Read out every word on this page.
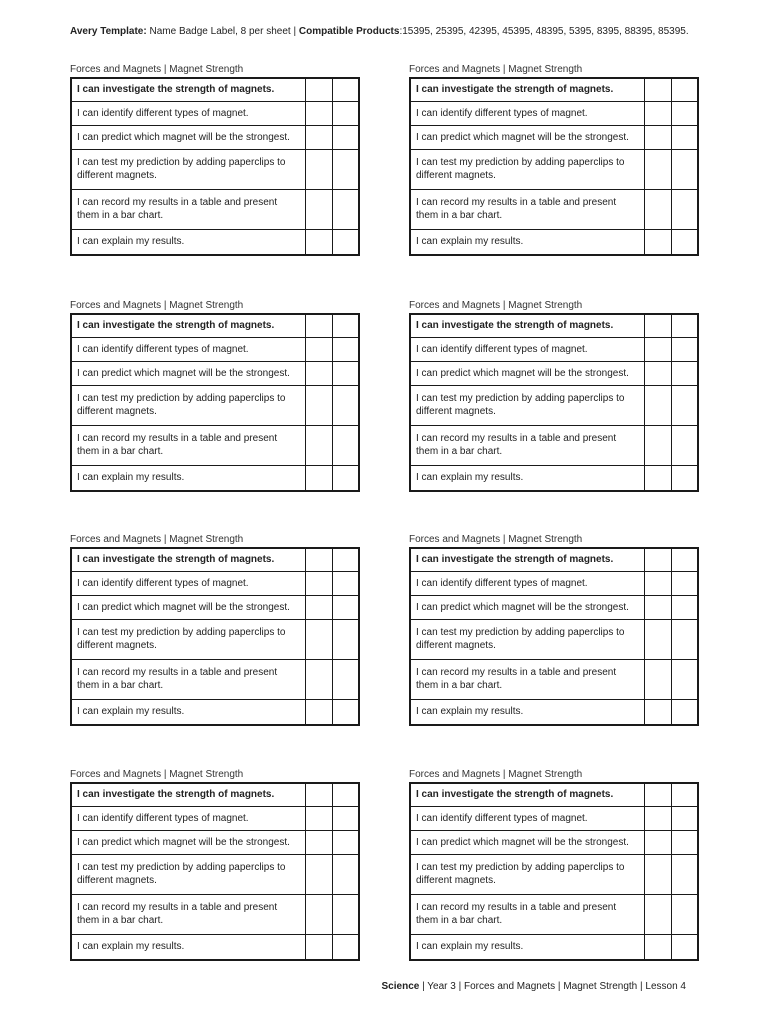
Avery Template: Name Badge Label, 8 per sheet | Compatible Products:15395, 25395, 42395, 45395, 48395, 5395, 8395, 88395, 85395.
Forces and Magnets | Magnet Strength
I can investigate the strength of magnets.		
I can identify different types of magnet.		
I can predict which magnet will be the strongest.		
I can test my prediction by adding paperclips to different magnets.		
I can record my results in a table and present them in a bar chart.		
I can explain my results.		
Forces and Magnets | Magnet Strength
I can investigate the strength of magnets.		
I can identify different types of magnet.		
I can predict which magnet will be the strongest.		
I can test my prediction by adding paperclips to different magnets.		
I can record my results in a table and present them in a bar chart.		
I can explain my results.		
Forces and Magnets | Magnet Strength
I can investigate the strength of magnets.		
I can identify different types of magnet.		
I can predict which magnet will be the strongest.		
I can test my prediction by adding paperclips to different magnets.		
I can record my results in a table and present them in a bar chart.		
I can explain my results.		
Forces and Magnets | Magnet Strength
I can investigate the strength of magnets.		
I can identify different types of magnet.		
I can predict which magnet will be the strongest.		
I can test my prediction by adding paperclips to different magnets.		
I can record my results in a table and present them in a bar chart.		
I can explain my results.		
Forces and Magnets | Magnet Strength
I can investigate the strength of magnets.		
I can identify different types of magnet.		
I can predict which magnet will be the strongest.		
I can test my prediction by adding paperclips to different magnets.		
I can record my results in a table and present them in a bar chart.		
I can explain my results.		
Forces and Magnets | Magnet Strength
I can investigate the strength of magnets.		
I can identify different types of magnet.		
I can predict which magnet will be the strongest.		
I can test my prediction by adding paperclips to different magnets.		
I can record my results in a table and present them in a bar chart.		
I can explain my results.		
Forces and Magnets | Magnet Strength
I can investigate the strength of magnets.		
I can identify different types of magnet.		
I can predict which magnet will be the strongest.		
I can test my prediction by adding paperclips to different magnets.		
I can record my results in a table and present them in a bar chart.		
I can explain my results.		
Forces and Magnets | Magnet Strength
I can investigate the strength of magnets.		
I can identify different types of magnet.		
I can predict which magnet will be the strongest.		
I can test my prediction by adding paperclips to different magnets.		
I can record my results in a table and present them in a bar chart.		
I can explain my results.		
Science | Year 3 | Forces and Magnets | Magnet Strength | Lesson 4
